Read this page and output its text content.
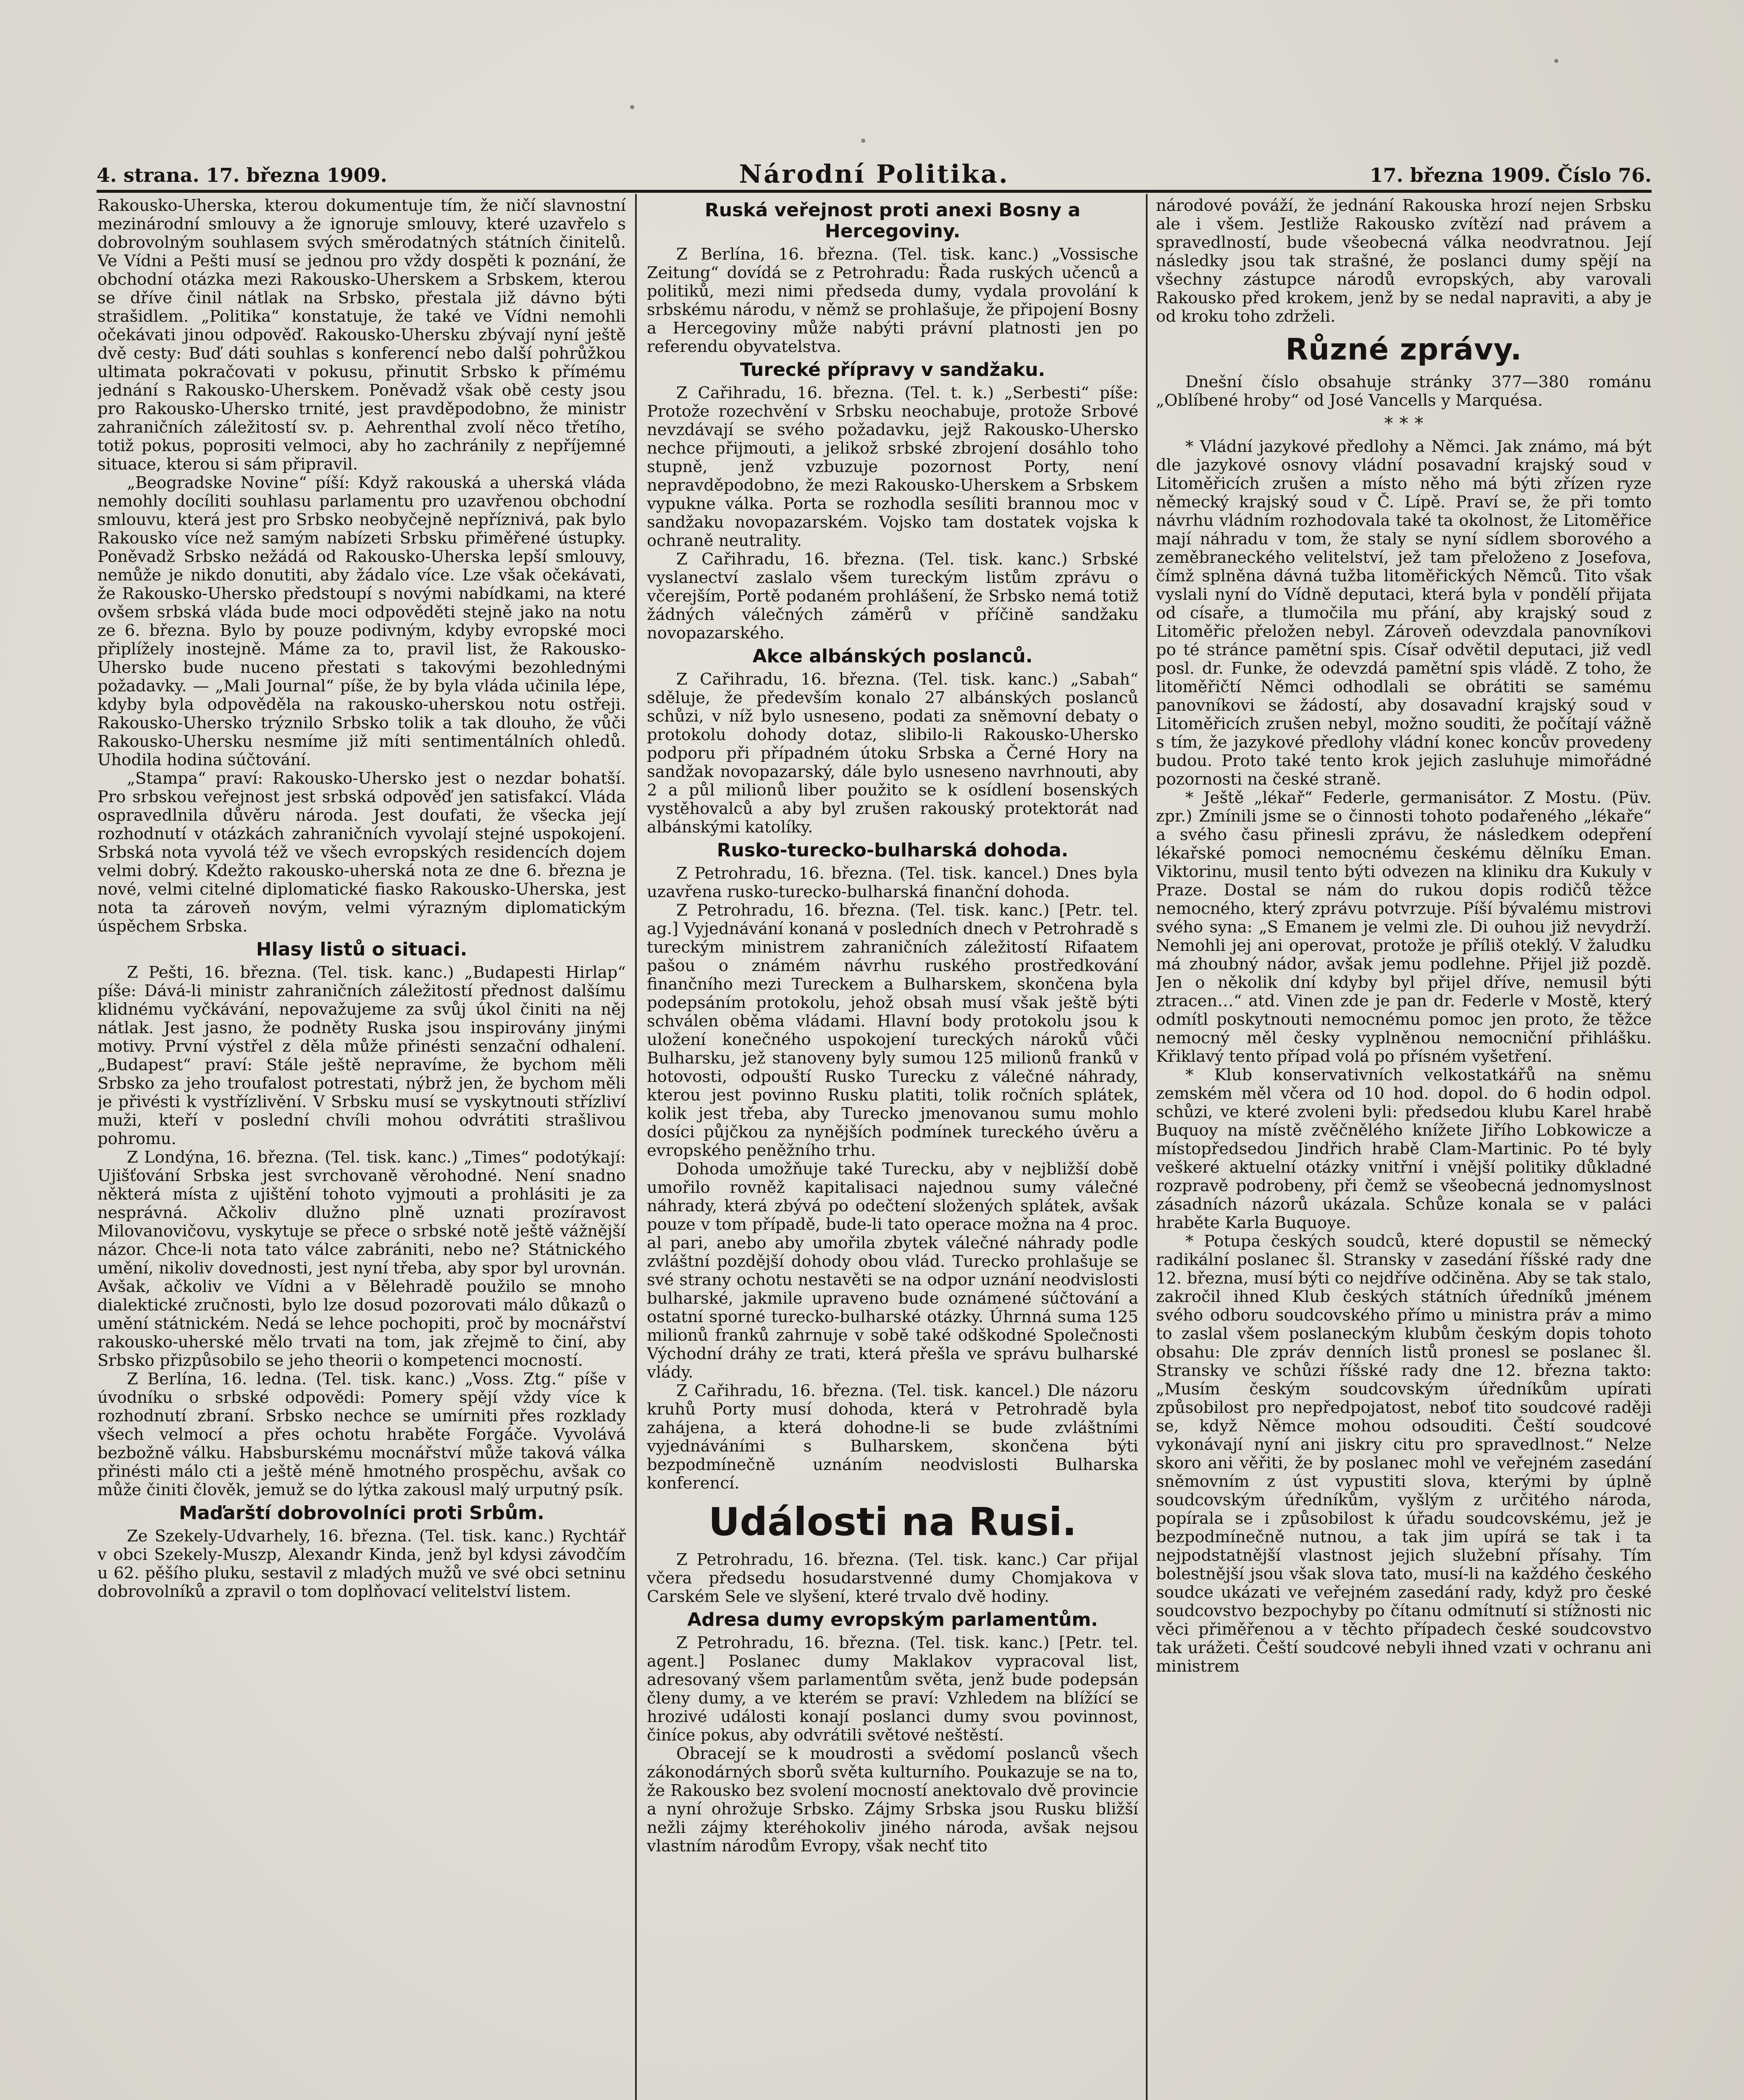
4. strana. 17. března 1909.	Národní Politika.	17. března 1909. Číslo 76.

Rakousko-Uherska, kterou dokumentuje tím, že ničí slavnostní mezinárodní smlouvy a že ignoruje smlouvy, které uzavřelo s dobrovolným souhlasem svých směrodatných státních činitelů. Ve Vídni a Pešti musí se jednou pro vždy dospěti k poznání, že obchodní otázka mezi Rakousko-Uherskem a Srbskem, kterou se dříve činil nátlak na Srbsko, přestala již dávno býti strašidlem. „Politika“ konstatuje, že také ve Vídni nemohli očekávati jinou odpověď. Rakousko-Uhersku zbývají nyní ještě dvě cesty: Buď dáti souhlas s konferencí nebo další pohrůžkou ultimata pokračovati v pokusu, přinutit Srbsko k přímému jednání s Rakousko-Uherskem. Poněvadž však obě cesty jsou pro Rakousko-Uhersko trnité, jest pravděpodobno, že ministr zahraničních záležitostí sv. p. Aehrenthal zvolí něco třetího, totiž pokus, poprositi velmoci, aby ho zachránily z nepříjemné situace, kterou si sám připravil.

„Beogradske Novine“ píší: Když rakouská a uherská vláda nemohly docíliti souhlasu parlamentu pro uzavřenou obchodní smlouvu, která jest pro Srbsko neobyčejně nepříznivá, pak bylo Rakousko více než samým nabízeti Srbsku přiměřené ústupky. Poněvadž Srbsko nežádá od Rakousko-Uherska lepší smlouvy, nemůže je nikdo donutiti, aby žádalo více. Lze však očekávati, že Rakousko-Uhersko předstoupí s novými nabídkami, na které ovšem srbská vláda bude moci odpověděti stejně jako na notu ze 6. března. Bylo by pouze podivným, kdyby evropské moci připlížely inostejně. Máme za to, pravil list, že Rakousko-Uhersko bude nuceno přestati s takovými bezohlednými požadavky. — „Mali Journal“ píše, že by byla vláda učinila lépe, kdyby byla odpověděla na rakousko-uherskou notu ostřeji. Rakousko-Uhersko trýznilo Srbsko tolik a tak dlouho, že vůči Rakousko-Uhersku nesmíme již míti sentimentálních ohledů. Uhodila hodina súčtování.

„Stampa“ praví: Rakousko-Uhersko jest o nezdar bohatší. Pro srbskou veřejnost jest srbská odpověď jen satisfakcí. Vláda ospravedlnila důvěru národa. Jest doufati, že všecka její rozhodnutí v otázkách zahraničních vyvolají stejné uspokojení. Srbská nota vyvolá též ve všech evropských residencích dojem velmi dobrý. Kdežto rakousko-uherská nota ze dne 6. března je nové, velmi citelné diplomatické fiasko Rakousko-Uherska, jest nota ta zároveň novým, velmi výrazným diplomatickým úspěchem Srbska.

Hlasy listů o situaci.

Z Pešti, 16. března. (Tel. tisk. kanc.) „Budapesti Hirlap“ píše: Dává-li ministr zahraničních záležitostí přednost dalšímu klidnému vyčkávání, nepovažujeme za svůj úkol činiti na něj nátlak. Jest jasno, že podněty Ruska jsou inspirovány jinými motivy. První výstřel z děla může přinésti senzační odhalení. „Budapest“ praví: Stále ještě nepravíme, že bychom měli Srbsko za jeho troufalost potrestati, nýbrž jen, že bychom měli je přivésti k vystřízlivění. V Srbsku musí se vyskytnouti střízliví muži, kteří v poslední chvíli mohou odvrátiti strašlivou pohromu.

Z Londýna, 16. března. (Tel. tisk. kanc.) „Times“ podotýkají: Ujišťování Srbska jest svrchovaně věrohodné. Není snadno některá místa z ujištění tohoto vyjmouti a prohlásiti je za nesprávná. Ačkoliv dlužno plně uznati prozíravost Milovanovičovu, vyskytuje se přece o srbské notě ještě vážnější názor. Chce-li nota tato válce zabrániti, nebo ne? Státnického umění, nikoliv dovednosti, jest nyní třeba, aby spor byl urovnán. Avšak, ačkoliv ve Vídni a v Bělehradě použilo se mnoho dialektické zručnosti, bylo lze dosud pozorovati málo důkazů o umění státnickém. Nedá se lehce pochopiti, proč by mocnářství rakousko-uherské mělo trvati na tom, jak zřejmě to činí, aby Srbsko přizpůsobilo se jeho theorii o kompetenci mocností.

Z Berlína, 16. ledna. (Tel. tisk. kanc.) „Voss. Ztg.“ píše v úvodníku o srbské odpovědi: Pomery spějí vždy více k rozhodnutí zbraní. Srbsko nechce se umírniti přes rozklady všech velmocí a přes ochotu hraběte Forgáče. Vyvolává bezbožně válku. Habsburskému mocnářství může taková válka přinésti málo cti a ještě méně hmotného prospěchu, avšak co může činiti člověk, jemuž se do lýtka zakousl malý urputný psík.

Maďarští dobrovolníci proti Srbům.

Ze Szekely-Udvarhely, 16. března. (Tel. tisk. kanc.) Rychtář v obci Szekely-Muszp, Alexandr Kinda, jenž byl kdysi závodčím u 62. pěšího pluku, sestavil z mladých mužů ve své obci setninu dobrovolníků a zpravil o tom doplňovací velitelství listem.

Ruská veřejnost proti anexi Bosny a Hercegoviny.

Z Berlína, 16. března. (Tel. tisk. kanc.) „Vossische Zeitung“ dovídá se z Petrohradu: Řada ruských učenců a politiků, mezi nimi předseda dumy, vydala provolání k srbskému národu, v němž se prohlašuje, že připojení Bosny a Hercegoviny může nabýti právní platnosti jen po referendu obyvatelstva.

Turecké přípravy v sandžaku.

Z Cařihradu, 16. března. (Tel. t. k.) „Serbesti“ píše: Protože rozechvění v Srbsku neochabuje, protože Srbové nevzdávají se svého požadavku, jejž Rakousko-Uhersko nechce přijmouti, a jelikož srbské zbrojení dosáhlo toho stupně, jenž vzbuzuje pozornost Porty, není nepravděpodobno, že mezi Rakousko-Uherskem a Srbskem vypukne válka. Porta se rozhodla sesíliti brannou moc v sandžaku novopazarském. Vojsko tam dostatek vojska k ochraně neutrality.

Z Cařihradu, 16. března. (Tel. tisk. kanc.) Srbské vyslanectví zaslalo všem tureckým listům zprávu o včerejším, Portě podaném prohlášení, že Srbsko nemá totiž žádných válečných záměrů v příčině sandžaku novopazarského.

Akce albánských poslanců.

Z Cařihradu, 16. března. (Tel. tisk. kanc.) „Sabah“ sděluje, že především konalo 27 albánských poslanců schůzi, v níž bylo usneseno, podati za sněmovní debaty o protokolu dohody dotaz, slibilo-li Rakousko-Uhersko podporu při případném útoku Srbska a Černé Hory na sandžak novopazarský, dále bylo usneseno navrhnouti, aby 2 a půl milionů liber použito se k osídlení bosenských vystěhovalců a aby byl zrušen rakouský protektorát nad albánskými katolíky.

Rusko-turecko-bulharská dohoda.

Z Petrohradu, 16. března. (Tel. tisk. kancel.) Dnes byla uzavřena rusko-turecko-bulharská finanční dohoda.

Z Petrohradu, 16. března. (Tel. tisk. kanc.) [Petr. tel. ag.] Vyjednávání konaná v posledních dnech v Petrohradě s tureckým ministrem zahraničních záležitostí Rifaatem pašou o známém návrhu ruského prostředkování finančního mezi Tureckem a Bulharskem, skončena byla podepsáním protokolu, jehož obsah musí však ještě býti schválen oběma vládami. Hlavní body protokolu jsou k uložení konečného uspokojení tureckých nároků vůči Bulharsku, jež stanoveny byly sumou 125 milionů franků v hotovosti, odpouští Rusko Turecku z válečné náhrady, kterou jest povinno Rusku platiti, tolik ročních splátek, kolik jest třeba, aby Turecko jmenovanou sumu mohlo dosíci půjčkou za nynějších podmínek tureckého úvěru a evropského peněžního trhu.

Dohoda umožňuje také Turecku, aby v nejbližší době umořilo rovněž kapitalisaci najednou sumy válečné náhrady, která zbývá po odečtení složených splátek, avšak pouze v tom případě, bude-li tato operace možna na 4 proc. al pari, anebo aby umořila zbytek válečné náhrady podle zvláštní pozdější dohody obou vlád. Turecko prohlašuje se své strany ochotu nestavěti se na odpor uznání neodvislosti bulharské, jakmile upraveno bude oznámené súčtování a ostatní sporné turecko-bulharské otázky. Úhrnná suma 125 milionů franků zahrnuje v sobě také odškodné Společnosti Východní dráhy ze trati, která přešla ve správu bulharské vlády.

Z Cařihradu, 16. března. (Tel. tisk. kancel.) Dle názoru kruhů Porty musí dohoda, která v Petrohradě byla zahájena, a která dohodne-li se bude zvláštními vyjednáváními s Bulharskem, skončena býti bezpodmínečně uznáním neodvislosti Bulharska konferencí.

Události na Rusi.

Z Petrohradu, 16. března. (Tel. tisk. kanc.) Car přijal včera předsedu hosudarstvenné dumy Chomjakova v Carském Sele ve slyšení, které trvalo dvě hodiny.

Adresa dumy evropským parlamentům.

Z Petrohradu, 16. března. (Tel. tisk. kanc.) [Petr. tel. agent.] Poslanec dumy Maklakov vypracoval list, adresovaný všem parlamentům světa, jenž bude podepsán členy dumy, a ve kterém se praví: Vzhledem na blížící se hrozivé události konají poslanci dumy svou povinnost, činíce pokus, aby odvrátili světové neštěstí.

Obracejí se k moudrosti a svědomí poslanců všech zákonodárných sborů světa kulturního. Poukazuje se na to, že Rakousko bez svolení mocností anektovalo dvě provincie a nyní ohrožuje Srbsko. Zájmy Srbska jsou Rusku bližší nežli zájmy kteréhokoliv jiného národa, avšak nejsou vlastním národům Evropy, však nechť tito

národové pováží, že jednání Rakouska hrozí nejen Srbsku ale i všem. Jestliže Rakousko zvítězí nad právem a spravedlností, bude všeobecná válka neodvratnou. Její následky jsou tak strašné, že poslanci dumy spějí na všechny zástupce národů evropských, aby varovali Rakousko před krokem, jenž by se nedal napraviti, a aby je od kroku toho zdrželi.

Různé zprávy.

Dnešní číslo obsahuje stránky 377—380 románu „Oblíbené hroby“ od José Vancells y Marquésa.

* * *

* Vládní jazykové předlohy a Němci. Jak známo, má být dle jazykové osnovy vládní posavadní krajský soud v Litoměřicích zrušen a místo něho má býti zřízen ryze německý krajský soud v Č. Lípě. Praví se, že při tomto návrhu vládním rozhodovala také ta okolnost, že Litoměřice mají náhradu v tom, že staly se nyní sídlem sborového a zeměbraneckého velitelství, jež tam přeloženo z Josefova, čímž splněna dávná tužba litoměřických Němců. Tito však vyslali nyní do Vídně deputaci, která byla v pondělí přijata od císaře, a tlumočila mu přání, aby krajský soud z Litoměřic přeložen nebyl. Zároveň odevzdala panovníkovi po té stránce pamětní spis. Císař odvětil deputaci, již vedl posl. dr. Funke, že odevzdá pamětní spis vládě. Z toho, že litoměřičtí Němci odhodlali se obrátiti se samému panovníkovi se žádostí, aby dosavadní krajský soud v Litoměřicích zrušen nebyl, možno souditi, že počítají vážně s tím, že jazykové předlohy vládní konec koncův provedeny budou. Proto také tento krok jejich zasluhuje mimořádné pozornosti na české straně.

* Ještě „lékař“ Federle, germanisátor. Z Mostu. (Püv. zpr.) Zmínili jsme se o činnosti tohoto podařeného „lékaře“ a svého času přinesli zprávu, že následkem odepření lékařské pomoci nemocnému českému dělníku Eman. Viktorinu, musil tento býti odvezen na kliniku dra Kukuly v Praze. Dostal se nám do rukou dopis rodičů těžce nemocného, který zprávu potvrzuje. Píší bývalému mistrovi svého syna: „S Emanem je velmi zle. Di ouhou již nevydrží. Nemohli jej ani operovat, protože je příliš oteklý. V žaludku má zhoubný nádor, avšak jemu podlehne. Přijel již pozdě. Jen o několik dní kdyby byl přijel dříve, nemusil býti ztracen…“ atd. Vinen zde je pan dr. Federle v Mostě, který odmítl poskytnouti nemocnému pomoc jen proto, že těžce nemocný měl česky vyplněnou nemocniční přihlášku. Křiklavý tento případ volá po přísném vyšetření.

* Klub konservativních velkostatkářů na sněmu zemském měl včera od 10 hod. dopol. do 6 hodin odpol. schůzi, ve které zvoleni byli: předsedou klubu Karel hrabě Buquoy na místě zvěčnělého knížete Jiřího Lobkowicze a místopředsedou Jindřich hrabě Clam-Martinic. Po té byly veškeré aktuelní otázky vnitřní i vnější politiky důkladné rozpravě podrobeny, při čemž se všeobecná jednomyslnost zásadních názorů ukázala. Schůze konala se v paláci hraběte Karla Buquoye.

* Potupa českých soudců, které dopustil se německý radikální poslanec šl. Stransky v zasedání říšské rady dne 12. března, musí býti co nejdříve odčiněna. Aby se tak stalo, zakročil ihned Klub českých státních úředníků jménem svého odboru soudcovského přímo u ministra práv a mimo to zaslal všem poslaneckým klubům českým dopis tohoto obsahu: Dle zpráv denních listů pronesl se poslanec šl. Stransky ve schůzi říšské rady dne 12. března takto: „Musím českým soudcovským úředníkům upírati způsobilost pro nepředpojatost, neboť tito soudcové raději se, když Němce mohou odsouditi. Čeští soudcové vykonávají nyní ani jiskry citu pro spravedlnost.“ Nelze skoro ani věřiti, že by poslanec mohl ve veřejném zasedání sněmovním z úst vypustiti slova, kterými by úplně soudcovským úředníkům, vyšlým z určitého národa, popírala se i způsobilost k úřadu soudcovskému, jež je bezpodmínečně nutnou, a tak jim upírá se tak i ta nejpodstatnější vlastnost jejich služební přísahy. Tím bolestnější jsou však slova tato, musí-li na každého českého soudce ukázati ve veřejném zasedání rady, když pro české soudcovstvo bezpochyby po čítanu odmítnutí si stížnosti nic věci přiměřenou a v těchto případech české soudcovstvo tak urážeti. Čeští soudcové nebyli ihned vzati v ochranu ani ministrem
